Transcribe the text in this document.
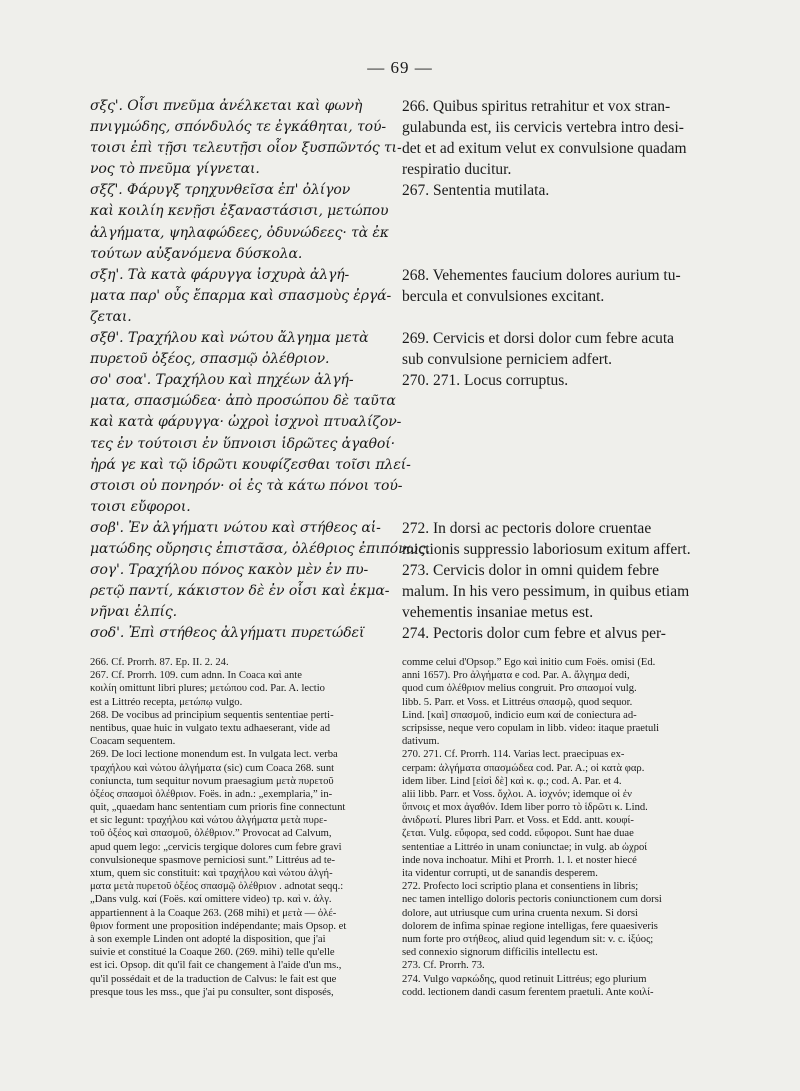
— 69 —
σξς'. Οἷσι πνεῦμα ἀνέλκεται καὶ φωνὴ
πνιγμώδης, σπόνδυλός τε ἐγκάθηται, τού-
τοισι ἐπὶ τῇσι τελευτῇσι οἷον ξυσπῶντός τι-
νος τὸ πνεῦμα γίγνεται.
σξζ'. Φάρυγξ τρηχυνθεῖσα ἐπ' ὀλίγον
καὶ κοιλίη κενῇσι ἐξαναστάσισι, μετώπου
ἀλγήματα, ψηλαφώδεες, ὀδυνώδεες· τὰ ἐκ
τούτων αὐξανόμενα δύσκολα.
σξη'. Τὰ κατὰ φάρυγγα ἰσχυρὰ ἀλγή-
ματα παρ' οὖς ἔπαρμα καὶ σπασμοὺς ἐργά-
ζεται.
σξθ'. Τραχήλου καὶ νώτου ἄλγημα μετὰ
πυρετοῦ ὀξέος, σπασμῷ ὀλέθριον.
σο' σοα'. Τραχήλου καὶ πηχέων ἀλγή-
ματα, σπασμώδεα· ἀπὸ προσώπου δὲ ταῦτα
καὶ κατὰ φάρυγγα· ὠχροὶ ἰσχνοὶ πτυαλίζον-
τες ἐν τούτοισι ἐν ὕπνοισι ἱδρῶτες ἀγαθοί·
ἠρά γε καὶ τῷ ἱδρῶτι κουφίζεσθαι τοῖσι πλεί-
στοισι οὐ πονηρόν· οἱ ἐς τὰ κάτω πόνοι τού-
τοισι εὔφοροι.
σοβ'. Ἐν ἀλγήματι νώτου καὶ στήθεος αἱ-
ματώδης οὔρησις ἐπιστᾶσα, ὀλέθριος ἐπιπόνως.
σογ'. Τραχήλου πόνος κακὸν μὲν ἐν πυ-
ρετῷ παντί, κάκιστον δὲ ἐν οἷσι καὶ ἐκμα-
νῆναι ἐλπίς.
σοδ'. Ἐπὶ στήθεος ἀλγήματι πυρετώδεϊ
266. Quibus spiritus retrahitur et vox stran-
gulabunda est, iis cervicis vertebra intro desi-
det et ad exitum velut ex convulsione quadam
respiratio ducitur.
267. Sententia mutilata.
268. Vehementes faucium dolores aurium tu-
bercula et convulsiones excitant.
269. Cervicis et dorsi dolor cum febre acuta
sub convulsione perniciem adfert.
270. 271. Locus corruptus.
272. In dorsi ac pectoris dolore cruentae
mictionis suppressio laboriosum exitum affert.
273. Cervicis dolor in omni quidem febre
malum. In his vero pessimum, in quibus etiam
vehementis insaniae metus est.
274. Pectoris dolor cum febre et alvus per-
266. Cf. Prorrh. 87. Ep. II. 2. 24.
267. Cf. Prorrh. 109. cum adnn. In Coaca καὶ ante
κοιλίη omittunt libri plures; μετώπου cod. Par. A. lectio
est a Littréo recepta, μετώπῳ vulgo.
268. De vocibus ad principium sequentis sententiae perti-
nentibus, quae huic in vulgato textu adhaeserant, vide ad
Coacam sequentem.
269. De loci lectione monendum est. In vulgata lect. verba
τραχήλου καὶ νώτου ἀλγήματα (sic) cum Coaca 268. sunt
coniuncta, tum sequitur novum praesagium μετὰ πυρετοῦ
ὀξέος σπασμοὶ ὀλέθριον. Foës. in adn.: „exemplaria,” in-
quit, „quaedam hanc sententiam cum prioris fine connectunt
et sic legunt: τραχήλου καὶ νώτου ἀλγήματα μετὰ πυρε-
τοῦ ὀξέος καὶ σπασμοῦ, ὀλέθριον.” Provocat ad Calvum,
apud quem lego: „cervicis tergique dolores cum febre gravi
convulsioneque spasmove perniciosi sunt.” Littréus ad te-
xtum, quem sic constituit: καὶ τραχήλου καὶ νώτου ἀλγή-
ματα μετὰ πυρετοῦ ὀξέος σπασμῷ ὀλέθριον . adnotat seqq.:
„Dans vulg. καί (Foës. καί omittere video) τρ. καὶ ν. ἀλγ.
appartiennent à la Coaque 263. (268 mihi) et μετὰ — ὀλέ-
θριον forment une proposition indépendante; mais Opsop. et
à son exemple Linden ont adopté la disposition, que j'ai
suivie et constitué la Coaque 260. (269. mihi) telle qu'elle
est ici. Opsop. dit qu'il fait ce changement à l'aide d'un ms.,
qu'il possédait et de la traduction de Calvus: le fait est que
presque tous les mss., que j'ai pu consulter, sont disposés,
comme celui d'Opsop.” Ego καὶ initio cum Foës. omisi (Ed.
anni 1657). Pro ἀλγήματα e cod. Par. A. ἄλγημα dedi,
quod cum ὀλέθριον melius congruit. Pro σπασμοί vulg.
libb. 5. Parr. et Voss. et Littréus σπασμῷ, quod sequor.
Lind. [καὶ] σπασμοῦ, indicio eum καί de coniectura ad-
scripsisse, neque vero copulam in libb. video: itaque praetuli
dativum.
270. 271. Cf. Prorrh. 114. Varias lect. praecipuas ex-
cerpam: ἀλγήματα σπασμώδεα cod. Par. A.; οἱ κατὰ φαρ.
idem liber. Lind [εἰσὶ δὲ] καὶ κ. φ.; cod. A. Par. et 4.
alii libb. Parr. et Voss. ὄχλοι. A. ἰσχνόν; idemque οἱ ἐν
ὕπνοις et mox ἀγαθόν. Idem liber porro τὸ ἱδρῶτι κ. Lind.
ἀνιδρωτί. Plures libri Parr. et Voss. et Edd. antt. κουφί-
ζεται. Vulg. εὔφορα, sed codd. εὔφοροι. Sunt hae duae
sententiae a Littréo in unam coniunctae; in vulg. ab ὠχροί
inde nova inchoatur. Mihi et Prorrh. 1. l. et noster hiecé
ita videntur corrupti, ut de sanandis desperem.
272. Profecto loci scriptio plana et consentiens in libris;
nec tamen intelligo doloris pectoris coniunctionem cum dorsi
dolore, aut utriusque cum urina cruenta nexum. Si dorsi
dolorem de infima spinae regione intelligas, fere quaesiveris
num forte pro στήθεος, aliud quid legendum sit: v. c. ἰξύος;
sed connexio signorum difficilis intellectu est.
273. Cf. Prorrh. 73.
274. Vulgo ναρκώδης, quod retinuit Littréus; ego plurium
codd. lectionem dandi casum ferentem praetuli. Ante κοιλί-
